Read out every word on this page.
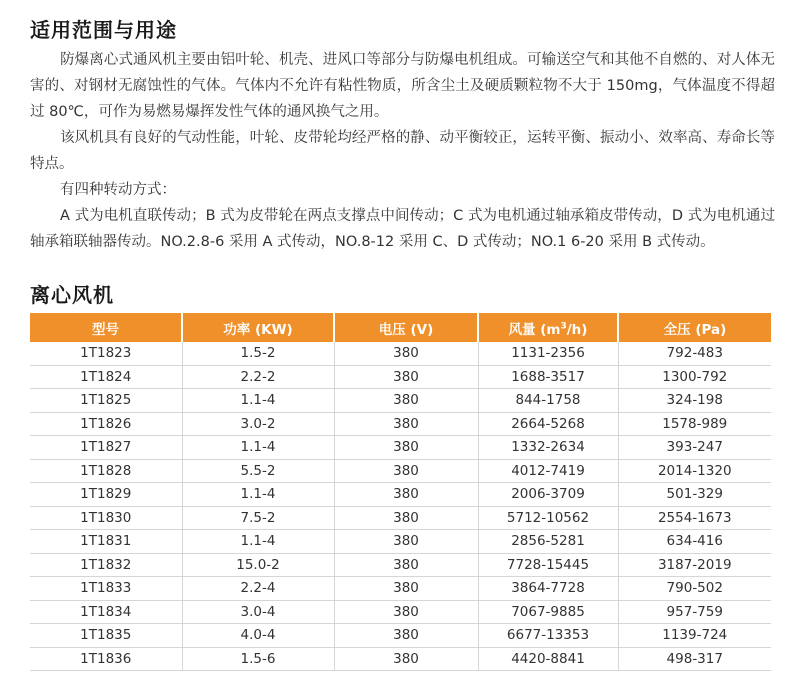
适用范围与用途

防爆离心式通风机主要由铝叶轮、机壳、进风口等部分与防爆电机组成。可输送空气和其他不自燃的、对人体无害的、对钢材无腐蚀性的气体。气体内不允许有粘性物质，所含尘土及硬质颗粒物不大于 150mg，气体温度不得超过 80℃，可作为易燃易爆挥发性气体的通风换气之用。

该风机具有良好的气动性能，叶轮、皮带轮均经严格的静、动平衡较正，运转平衡、振动小、效率高、寿命长等特点。

有四种转动方式：

A 式为电机直联传动；B 式为皮带轮在两点支撑点中间传动；C 式为电机通过轴承箱皮带传动，D 式为电机通过轴承箱联轴器传动。NO.2.8-6 采用 A 式传动，NO.8-12 采用 C、D 式传动；NO.1 6-20 采用 B 式传动。

离心风机
型号	功率 (KW)	电压 (V)	风量 $(m^3/h)$	全压 (Pa)
1T1823	1.5-2	380	1131-2356	792-483
1T1824	2.2-2	380	1688-3517	1300-792
1T1825	1.1-4	380	844-1758	324-198
1T1826	3.0-2	380	2664-5268	1578-989
1T1827	1.1-4	380	1332-2634	393-247
1T1828	5.5-2	380	4012-7419	2014-1320
1T1829	1.1-4	380	2006-3709	501-329
1T1830	7.5-2	380	5712-10562	2554-1673
1T1831	1.1-4	380	2856-5281	634-416
1T1832	15.0-2	380	7728-15445	3187-2019
1T1833	2.2-4	380	3864-7728	790-502
1T1834	3.0-4	380	7067-9885	957-759
1T1835	4.0-4	380	6677-13353	1139-724
1T1836	1.5-6	380	4420-8841	498-317
